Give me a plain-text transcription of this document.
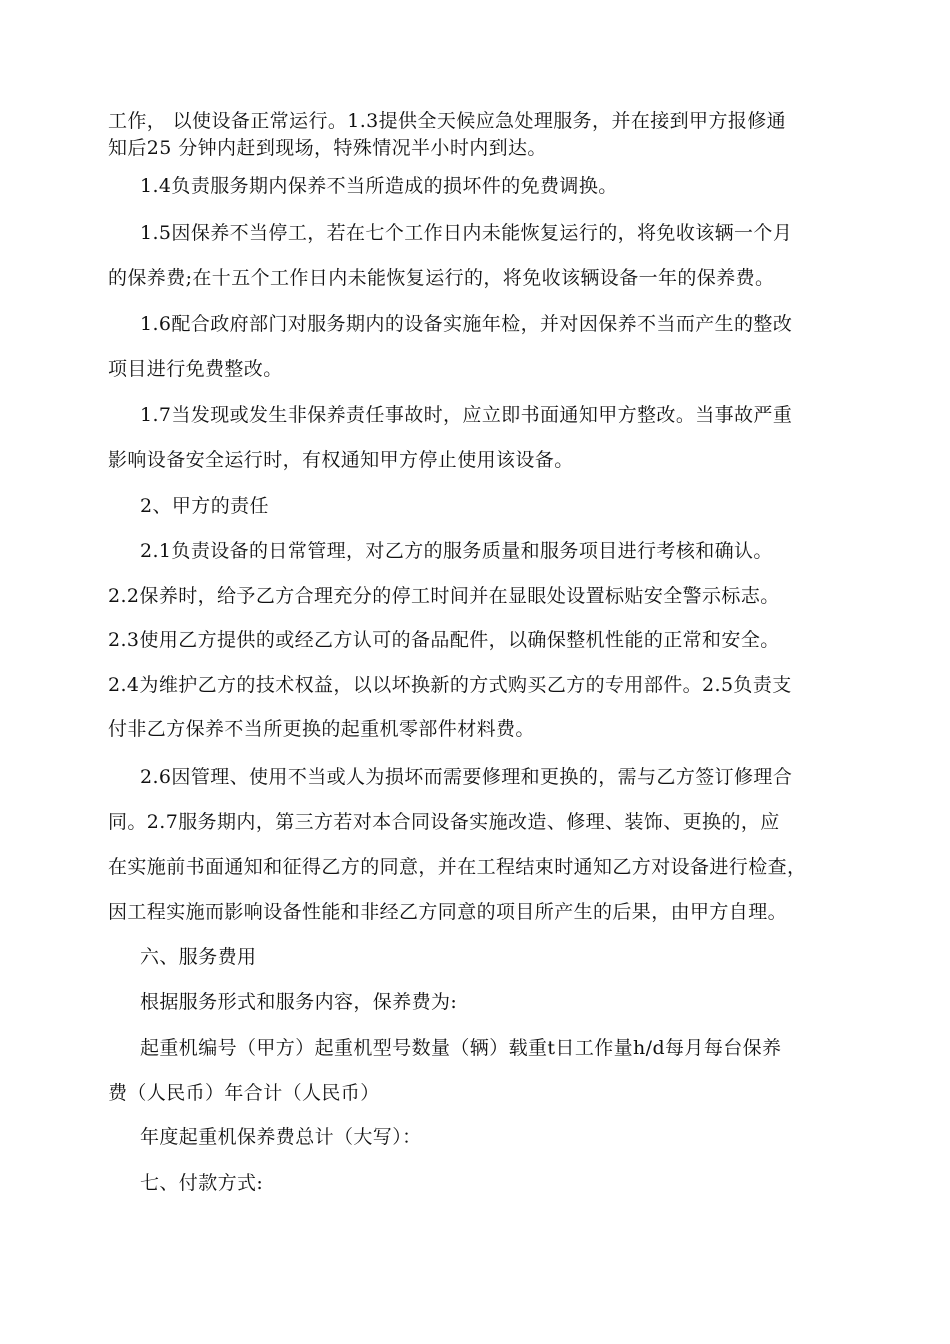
工作， 以使设备正常运行。1.3提供全天候应急处理服务，并在接到甲方报修通
知后25 分钟内赶到现场，特殊情况半小时内到达。
1.4负责服务期内保养不当所造成的损坏件的免费调换。
1.5因保养不当停工，若在七个工作日内未能恢复运行的，将免收该辆一个月
的保养费;在十五个工作日内未能恢复运行的，将免收该辆设备一年的保养费。
1.6配合政府部门对服务期内的设备实施年检，并对因保养不当而产生的整改
项目进行免费整改。
1.7当发现或发生非保养责任事故时，应立即书面通知甲方整改。当事故严重
影响设备安全运行时，有权通知甲方停止使用该设备。
2、甲方的责任
2.1负责设备的日常管理，对乙方的服务质量和服务项目进行考核和确认。
2.2保养时，给予乙方合理充分的停工时间并在显眼处设置标贴安全警示标志。
2.3使用乙方提供的或经乙方认可的备品配件，以确保整机性能的正常和安全。
2.4为维护乙方的技术权益，以以坏换新的方式购买乙方的专用部件。2.5负责支
付非乙方保养不当所更换的起重机零部件材料费。
2.6因管理、使用不当或人为损坏而需要修理和更换的，需与乙方签订修理合
同。2.7服务期内，第三方若对本合同设备实施改造、修理、装饰、更换的，应
在实施前书面通知和征得乙方的同意，并在工程结束时通知乙方对设备进行检查，
因工程实施而影响设备性能和非经乙方同意的项目所产生的后果，由甲方自理。
六、服务费用
根据服务形式和服务内容，保养费为:
起重机编号（甲方）起重机型号数量（辆）载重t日工作量h/d每月每台保养
费（人民币）年合计（人民币）
年度起重机保养费总计（大写）：
七、付款方式:
